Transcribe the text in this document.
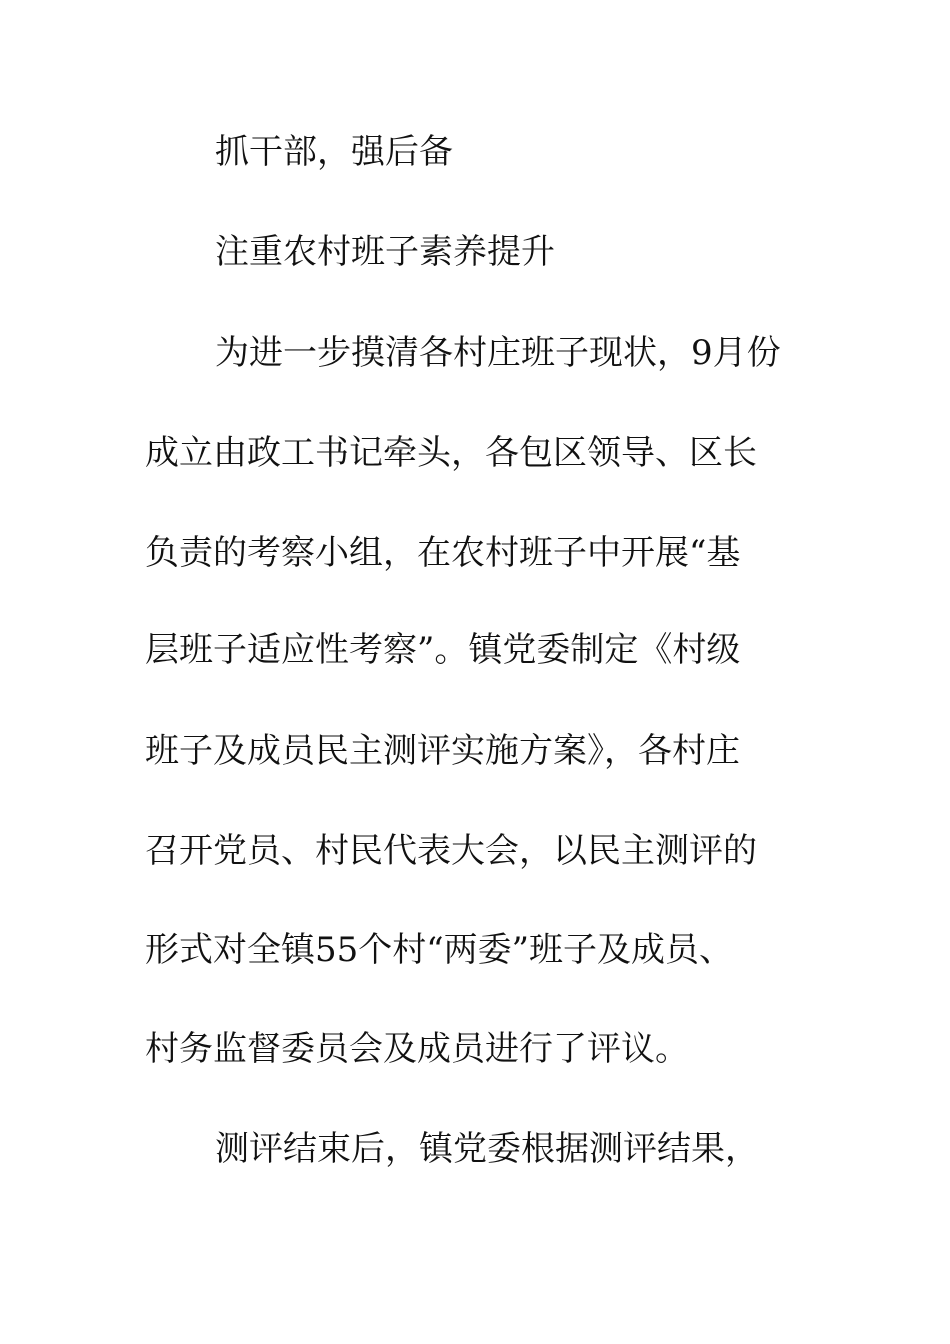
抓干部，强后备

注重农村班子素养提升

为进一步摸清各村庄班子现状，9月份

成立由政工书记牵头，各包区领导、区长

负责的考察小组，在农村班子中开展“基

层班子适应性考察”。镇党委制定《村级

班子及成员民主测评实施方案》，各村庄

召开党员、村民代表大会，以民主测评的

形式对全镇55个村“两委”班子及成员、

村务监督委员会及成员进行了评议。

测评结束后，镇党委根据测评结果，
